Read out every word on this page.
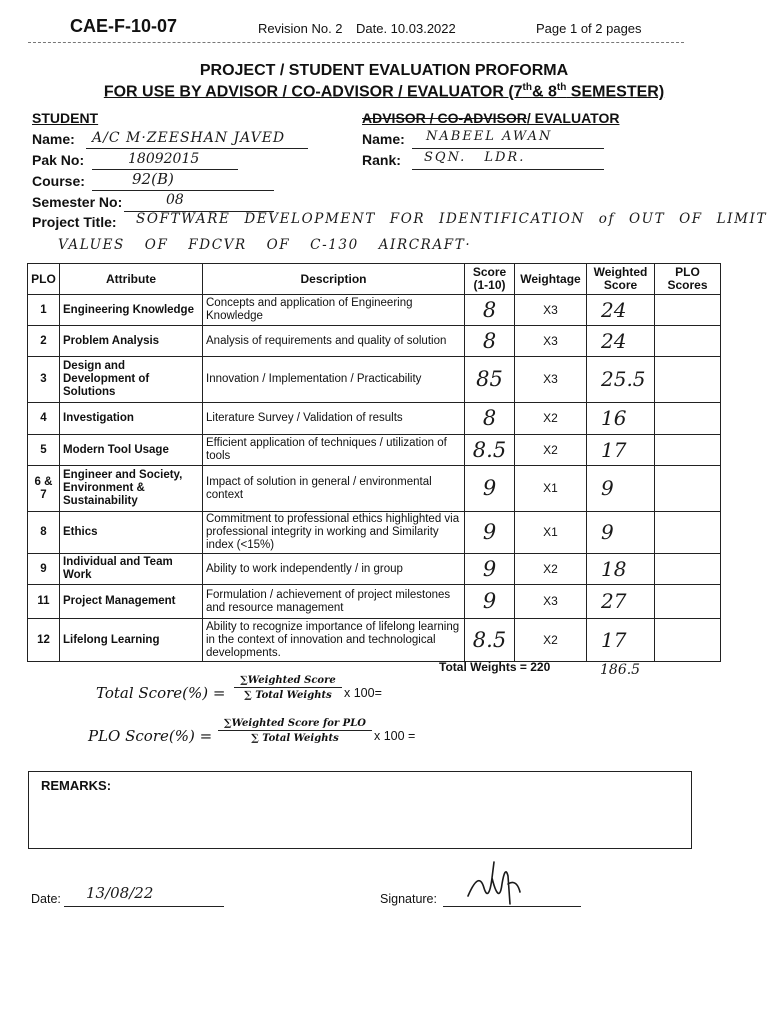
CAE-F-10-07	Revision No. 2 Date. 10.03.2022	Page 1 of 2 pages
PROJECT / STUDENT EVALUATION PROFORMA
FOR USE BY ADVISOR / CO-ADVISOR / EVALUATOR (7th& 8th SEMESTER)
STUDENT
Name: A/C M·ZEESHAN JAVED
Pak No:	18092015
Course:	92(B)
Semester No:	08
Project Title: SOFTWARE DEVELOPMENT FOR IDENTIFICATION of OUT OF LIMIT
VALUES OF FDCVR OF C-130 AIRCRAFT·
ADVISOR / CO-ADVISOR/ EVALUATOR
Name: NABEEL AWAN
Rank: SQN. LDR.
PLO	Attribute	Description	Score (1-10)	Weightage	Weighted Score	PLO Scores
1	Engineering Knowledge	Concepts and application of Engineering Knowledge	8	X3	24	
2	Problem Analysis	Analysis of requirements and quality of solution	8	X3	24	
3	Design and Development of Solutions	Innovation / Implementation / Practicability	85	X3	25.5	
4	Investigation	Literature Survey / Validation of results	8	X2	16	
5	Modern Tool Usage	Efficient application of techniques / utilization of tools	8.5	X2	17	
6 & 7	Engineer and Society, Environment & Sustainability	Impact of solution in general / environmental context	9	X1	9	
8	Ethics	Commitment to professional ethics highlighted via professional integrity in working and Similarity index (<15%)	9	X1	9	
9	Individual and Team Work	Ability to work independently / in group	9	X2	18	
11	Project Management	Formulation / achievement of project milestones and resource management	9	X3	27	
12	Lifelong Learning	Ability to recognize importance of lifelong learning in the context of innovation and technological developments.	8.5	X2	17	
Total Weights = 220	186.5
Total Score(%) =
∑Weighted Score
∑ Total Weights x 100=
PLO Score(%) =
∑Weighted Score for PLO
∑ Total Weights	x 100 =
REMARKS:
Date: 13/08/22	Signature:
